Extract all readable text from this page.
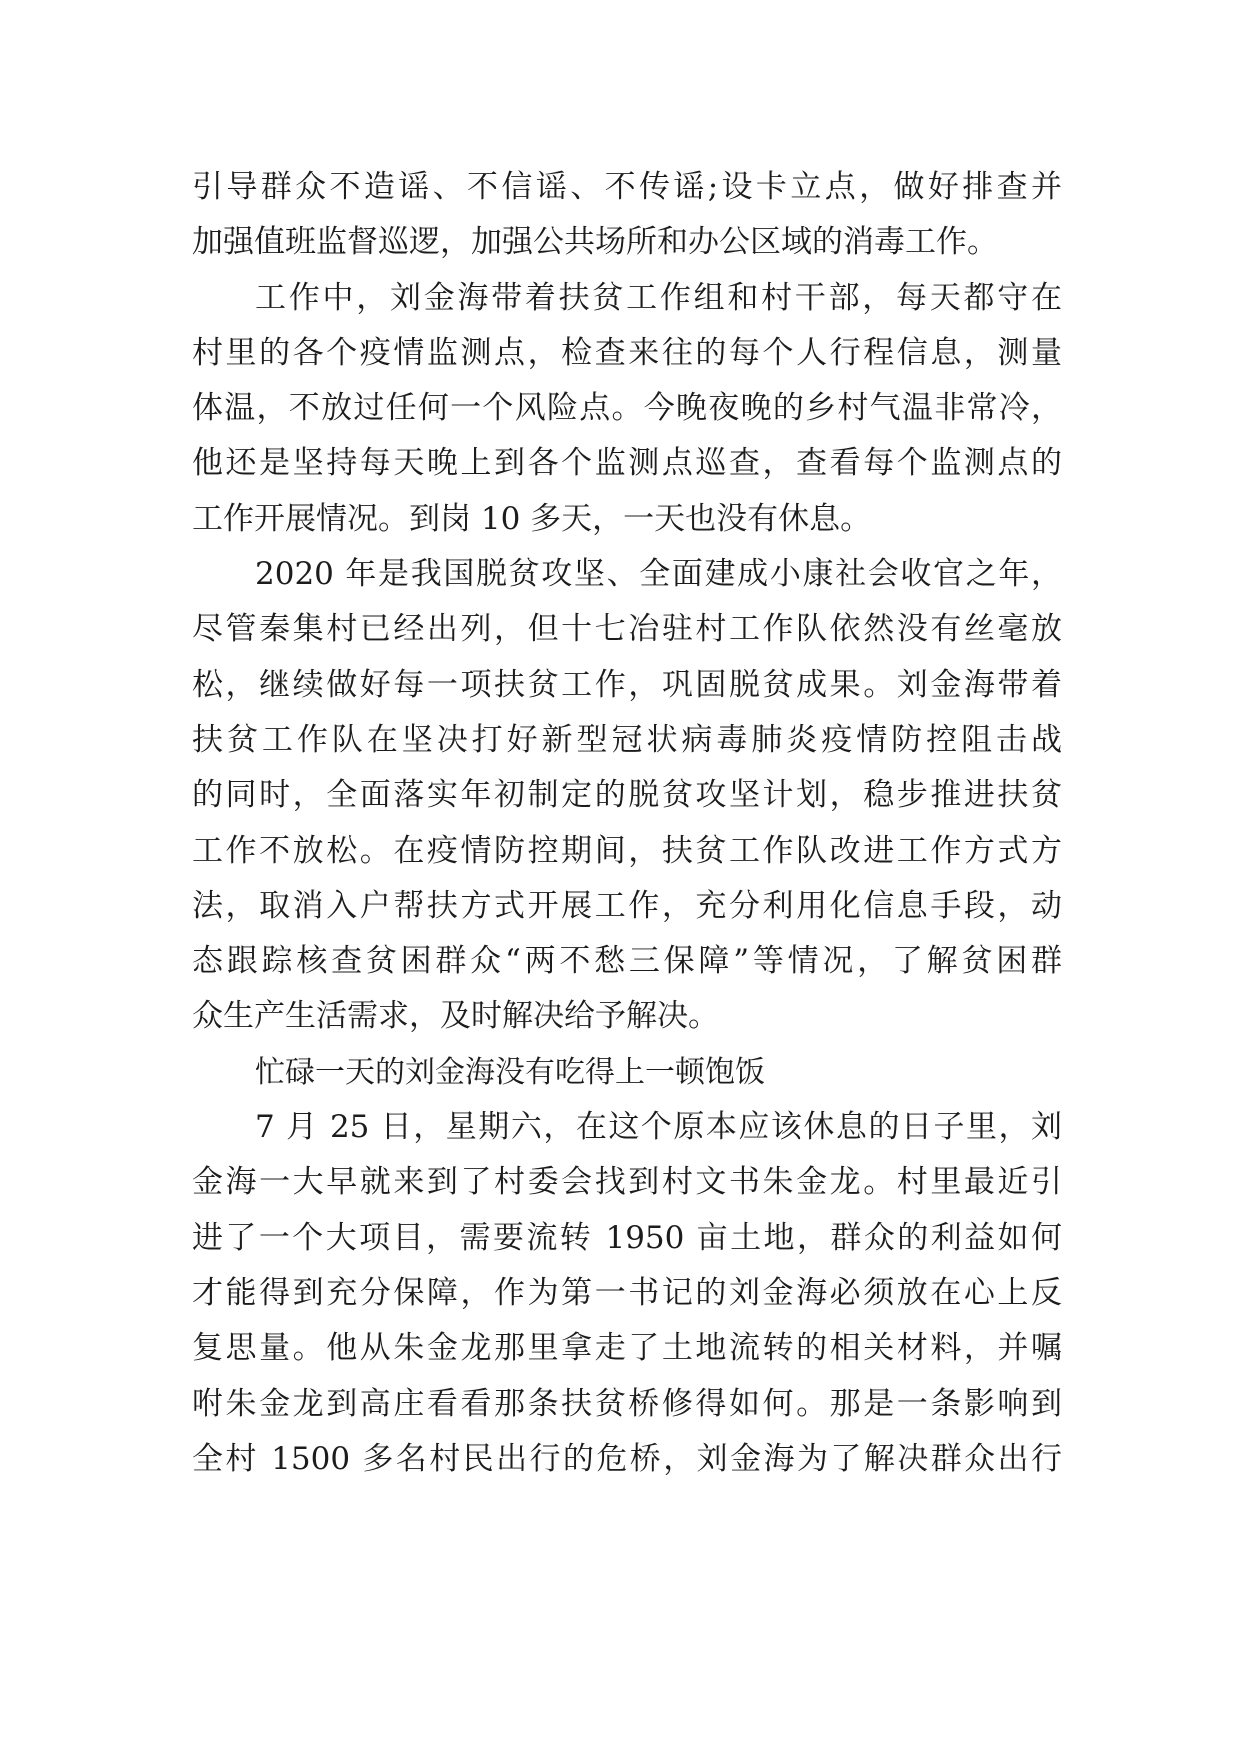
引导群众不造谣、不信谣、不传谣;设卡立点，做好排查并
加强值班监督巡逻，加强公共场所和办公区域的消毒工作。
工作中，刘金海带着扶贫工作组和村干部，每天都守在
村里的各个疫情监测点，检查来往的每个人行程信息，测量
体温，不放过任何一个风险点。今晚夜晚的乡村气温非常冷，
他还是坚持每天晚上到各个监测点巡查，查看每个监测点的
工作开展情况。到岗 10 多天，一天也没有休息。
2020 年是我国脱贫攻坚、全面建成小康社会收官之年，
尽管秦集村已经出列，但十七冶驻村工作队依然没有丝毫放
松，继续做好每一项扶贫工作，巩固脱贫成果。刘金海带着
扶贫工作队在坚决打好新型冠状病毒肺炎疫情防控阻击战
的同时，全面落实年初制定的脱贫攻坚计划，稳步推进扶贫
工作不放松。在疫情防控期间，扶贫工作队改进工作方式方
法，取消入户帮扶方式开展工作，充分利用化信息手段，动
态跟踪核查贫困群众“两不愁三保障”等情况，了解贫困群
众生产生活需求，及时解决给予解决。
忙碌一天的刘金海没有吃得上一顿饱饭
7 月 25 日，星期六，在这个原本应该休息的日子里，刘
金海一大早就来到了村委会找到村文书朱金龙。村里最近引
进了一个大项目，需要流转 1950 亩土地，群众的利益如何
才能得到充分保障，作为第一书记的刘金海必须放在心上反
复思量。他从朱金龙那里拿走了土地流转的相关材料，并嘱
咐朱金龙到高庄看看那条扶贫桥修得如何。那是一条影响到
全村 1500 多名村民出行的危桥，刘金海为了解决群众出行
